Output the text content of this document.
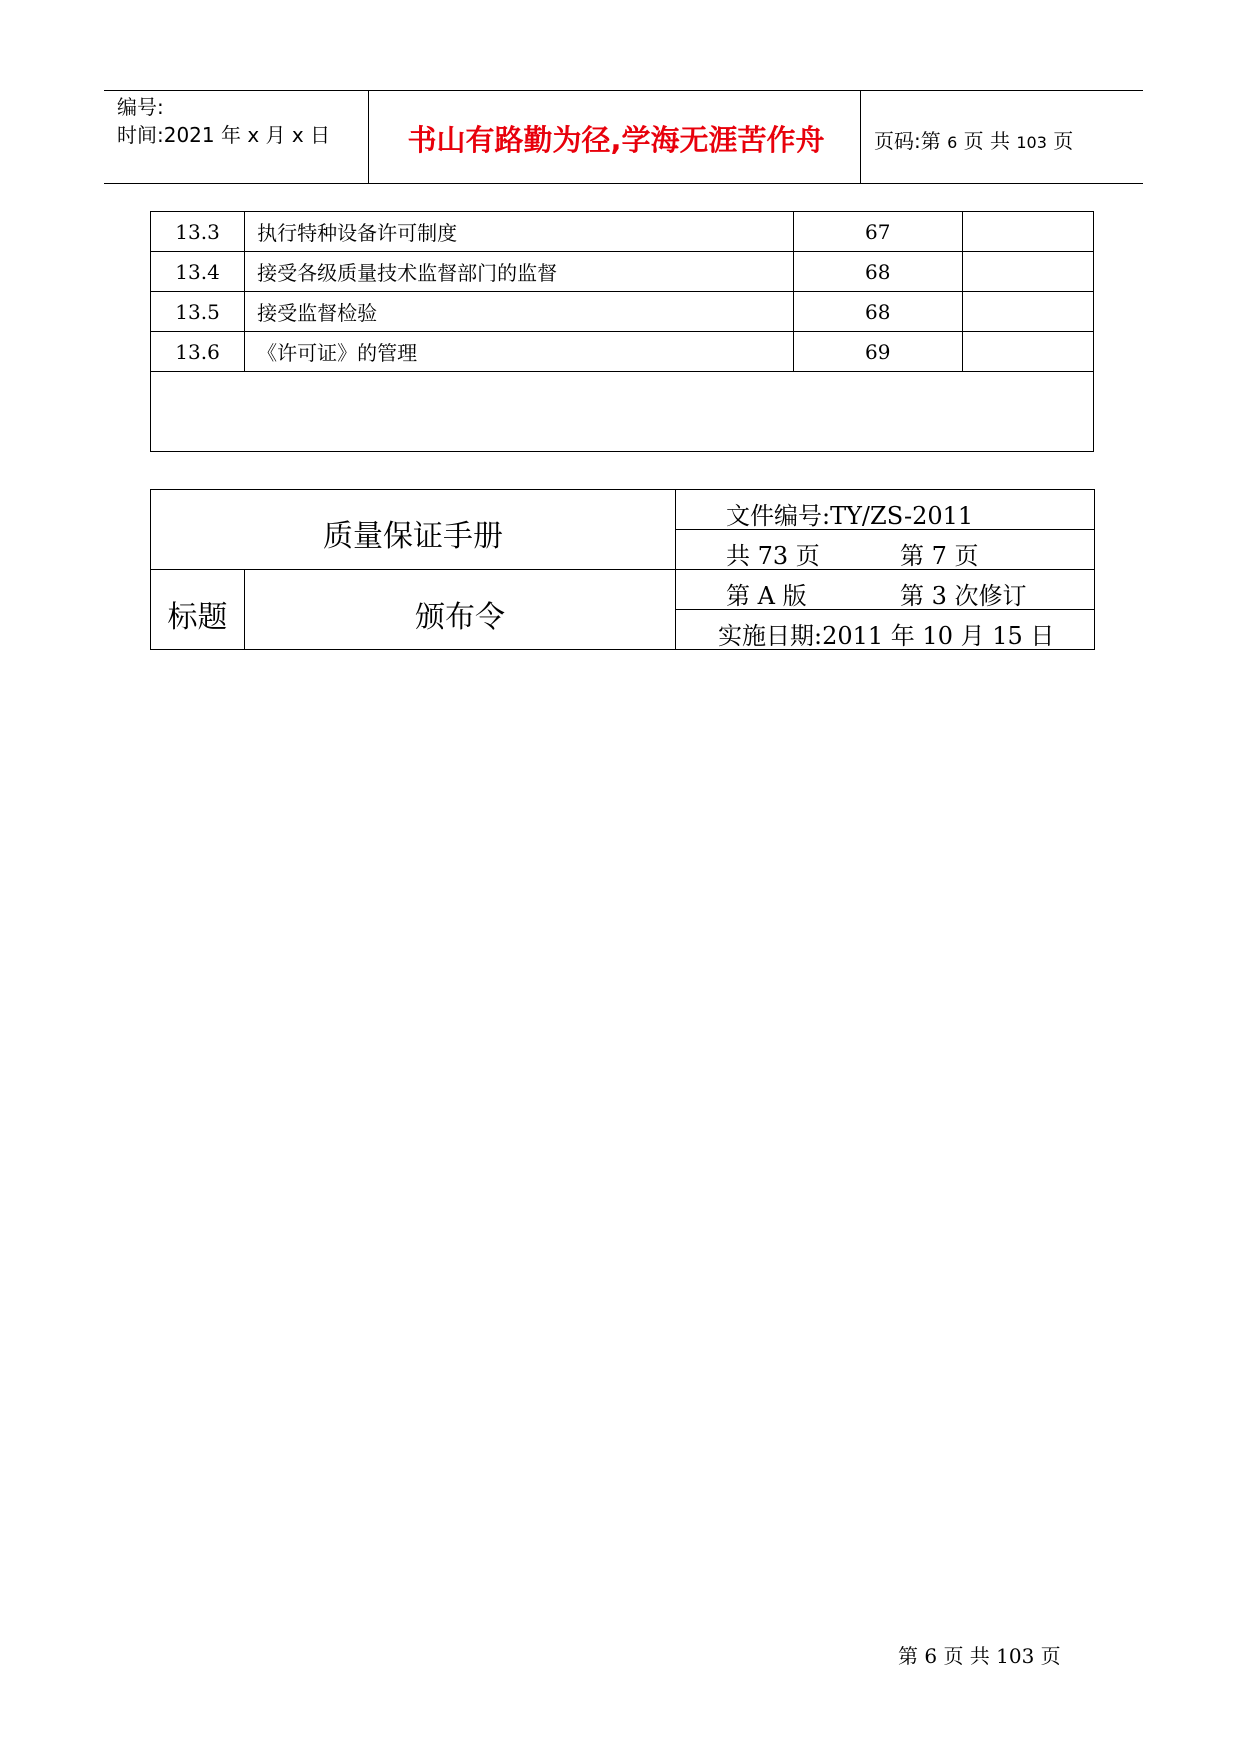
编号:
时间:2021 年 x 月 x 日	书山有路勤为径,学海无涯苦作舟	页码:第 6 页 共 103 页
13.3	执行特种设备许可制度	67	
13.4	接受各级质量技术监督部门的监督	68	
13.5	接受监督检验	68	
13.6	《许可证》的管理	69	

质量保证手册
标题	颁布令
文件编号:TY/ZS-2011
共 73 页	第 7 页
第 A 版	第 3 次修订
实施日期:2011 年 10 月 15 日
第 6 页 共 103 页
